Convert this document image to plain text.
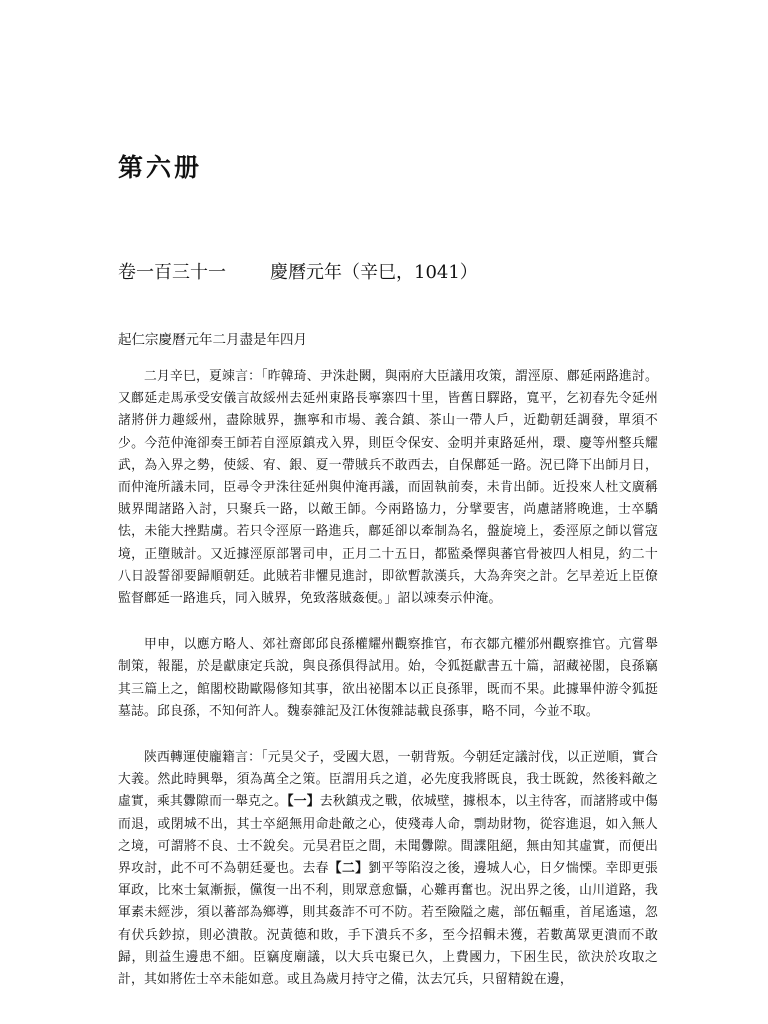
第六册
卷一百三十一 慶曆元年（辛巳，1041）
起仁宗慶曆元年二月盡是年四月

二月辛巳，夏竦言：「昨韓琦、尹洙赴闕，與兩府大臣議用攻策，謂涇原、鄜延兩路進討。又鄜延走馬承受安儀言故綏州去延州東路長寧寨四十里，皆舊日驛路，寬平，乞初春先令延州諸將併力趣綏州，盡除賊界，撫寧和市場、義合鎮、茶山一帶人戶，近勸朝廷調發，單須不少。今范仲淹卻奏王師若自涇原鎮戎入界，則臣令保安、金明并東路延州，環、慶等州整兵耀武，為入界之勢，使綏、宥、銀、夏一帶賊兵不敢西去，自保鄜延一路。況已降下出師月日，而仲淹所議未同，臣尋令尹洙往延州與仲淹再議，而固執前奏，未肯出師。近投來人杜文廣稱賊界聞諸路入討，只聚兵一路，以敵王師。今兩路協力，分擘要害，尚慮諸將晚進，士卒驕怯，未能大挫黠虜。若只令涇原一路進兵，鄜延卻以牽制為名，盤旋境上，委涇原之師以嘗寇境，正墮賊計。又近據涇原部署司申，正月二十五日，都監桑懌與蕃官骨被四人相見，約二十八日設誓卻要歸順朝廷。此賊若非懼見進討，即欲暫款漢兵，大為奔突之計。乞早差近上臣僚監督鄜延一路進兵，同入賊界，免致落賊姦便。」詔以竦奏示仲淹。

甲申，以應方略人、郊社齋郎邱良孫權耀州觀察推官，布衣鄒亢權邠州觀察推官。亢嘗舉制策，報罷，於是獻康定兵說，與良孫俱得試用。始，令狐挺獻書五十篇，詔藏祕閣，良孫竊其三篇上之，館閣校勘歐陽修知其事，欲出祕閣本以正良孫罪，既而不果。此據畢仲游令狐挺墓誌。邱良孫，不知何許人。魏泰雜記及江休復雜誌載良孫事，略不同，今並不取。

陝西轉運使龐籍言：「元昊父子，受國大恩，一朝背叛。今朝廷定議討伐，以正逆順，實合大義。然此時興舉，須為萬全之策。臣謂用兵之道，必先度我將既良，我士既銳，然後料敵之虛實，乘其釁隙而一舉克之。【一】去秋鎮戎之戰，依城壁，據根本，以主待客，而諸將或中傷而退，或閉城不出，其士卒絕無用命赴敵之心，使殘毒人命，剽劫財物，從容進退，如入無人之境，可謂將不良、士不銳矣。元昊君臣之間，未聞釁隙。間諜阻絕，無由知其虛實，而便出界攻討，此不可不為朝廷憂也。去春【二】劉平等陷沒之後，邊城人心，日夕惴慄。幸即更張軍政，比來士氣漸振，儻復一出不利，則眾意愈懾，心難再奮也。況出界之後，山川道路，我軍素未經涉，須以蕃部為鄉導，則其姦詐不可不防。若至險隘之處，部伍輻重，首尾遙遠，忽有伏兵鈔掠，則必潰散。況黃德和敗，手下潰兵不多，至今招輯未獲，若數萬眾更潰而不敢歸，則益生邊患不細。臣竊度廟議，以大兵屯聚已久，上費國力，下困生民，欲決於攻取之計，其如將佐士卒未能如意。或且為歲月持守之備，汰去冗兵，只留精銳在邊，
